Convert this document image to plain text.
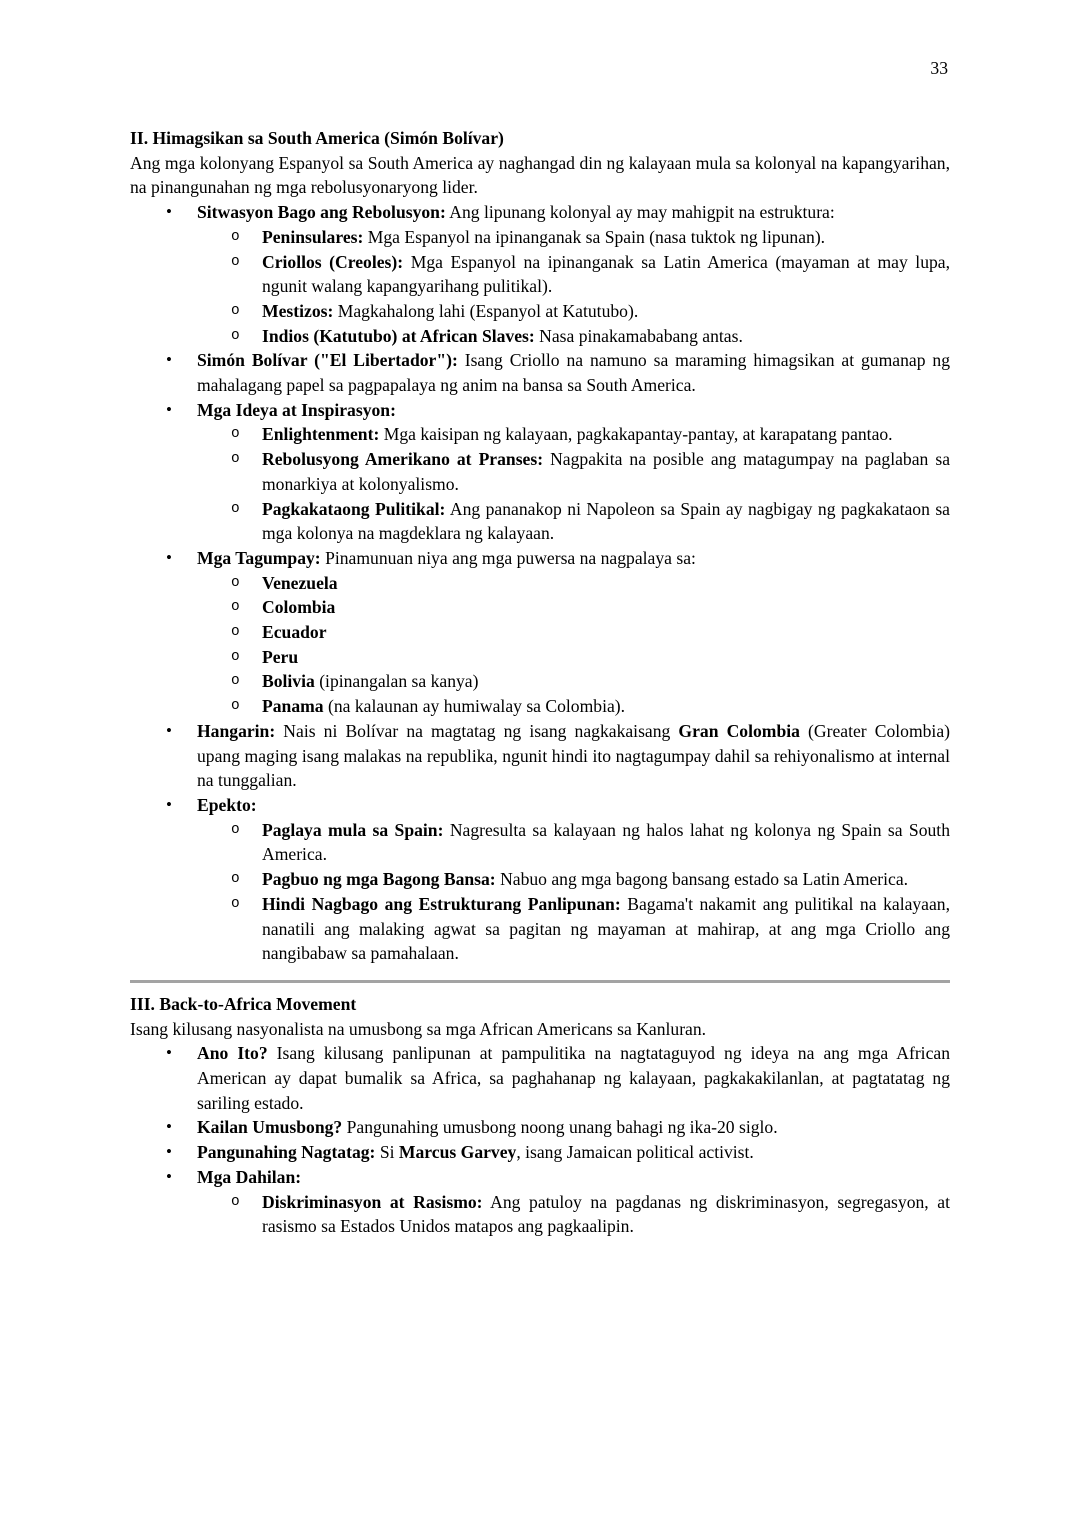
33
II. Himagsikan sa South America (Simón Bolívar)
Ang mga kolonyang Espanyol sa South America ay naghangad din ng kalayaan mula sa kolonyal na kapangyarihan, na pinangunahan ng mga rebolusyonaryong lider.
•	Sitwasyon Bago ang Rebolusyon: Ang lipunang kolonyal ay may mahigpit na estruktura:
o	Peninsulares: Mga Espanyol na ipinanganak sa Spain (nasa tuktok ng lipunan).
o	Criollos (Creoles): Mga Espanyol na ipinanganak sa Latin America (mayaman at may lupa, ngunit walang kapangyarihang pulitikal).
o	Mestizos: Magkahalong lahi (Espanyol at Katutubo).
o	Indios (Katutubo) at African Slaves: Nasa pinakamababang antas.
•	Simón Bolívar ("El Libertador"): Isang Criollo na namuno sa maraming himagsikan at gumanap ng mahalagang papel sa pagpapalaya ng anim na bansa sa South America.
•	Mga Ideya at Inspirasyon:
o	Enlightenment: Mga kaisipan ng kalayaan, pagkakapantay-pantay, at karapatang pantao.
o	Rebolusyong Amerikano at Pranses: Nagpakita na posible ang matagumpay na paglaban sa monarkiya at kolonyalismo.
o	Pagkakataong Pulitikal: Ang pananakop ni Napoleon sa Spain ay nagbigay ng pagkakataon sa mga kolonya na magdeklara ng kalayaan.
•	Mga Tagumpay: Pinamunuan niya ang mga puwersa na nagpalaya sa:
o	Venezuela
o	Colombia
o	Ecuador
o	Peru
o	Bolivia (ipinangalan sa kanya)
o	Panama (na kalaunan ay humiwalay sa Colombia).
•	Hangarin: Nais ni Bolívar na magtatag ng isang nagkakaisang Gran Colombia (Greater Colombia) upang maging isang malakas na republika, ngunit hindi ito nagtagumpay dahil sa rehiyonalismo at internal na tunggalian.
•	Epekto:
o	Paglaya mula sa Spain: Nagresulta sa kalayaan ng halos lahat ng kolonya ng Spain sa South America.
o	Pagbuo ng mga Bagong Bansa: Nabuo ang mga bagong bansang estado sa Latin America.
o	Hindi Nagbago ang Estrukturang Panlipunan: Bagama't nakamit ang pulitikal na kalayaan, nanatili ang malaking agwat sa pagitan ng mayaman at mahirap, at ang mga Criollo ang nangibabaw sa pamahalaan.
III. Back-to-Africa Movement
Isang kilusang nasyonalista na umusbong sa mga African Americans sa Kanluran.
•	Ano Ito? Isang kilusang panlipunan at pampulitika na nagtataguyod ng ideya na ang mga African American ay dapat bumalik sa Africa, sa paghahanap ng kalayaan, pagkakakilanlan, at pagtatatag ng sariling estado.
•	Kailan Umusbong? Pangunahing umusbong noong unang bahagi ng ika-20 siglo.
•	Pangunahing Nagtatag: Si Marcus Garvey, isang Jamaican political activist.
•	Mga Dahilan:
o	Diskriminasyon at Rasismo: Ang patuloy na pagdanas ng diskriminasyon, segregasyon, at rasismo sa Estados Unidos matapos ang pagkaalipin.
